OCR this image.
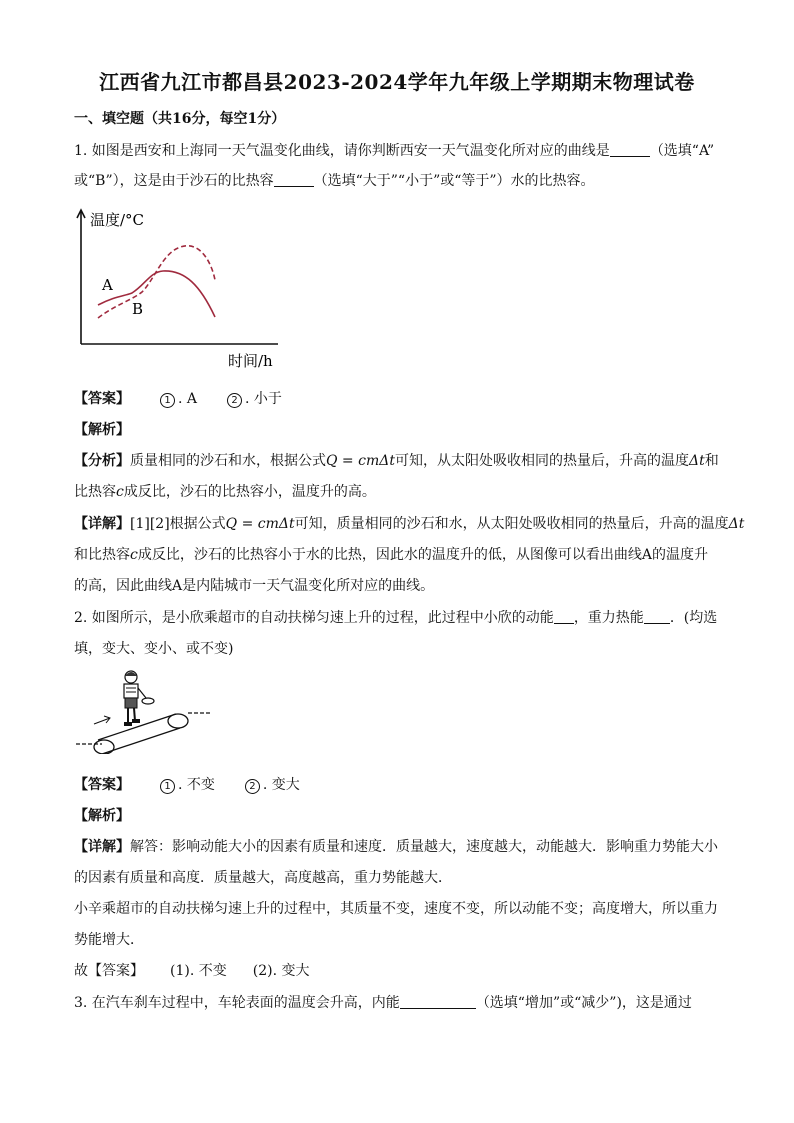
江西省九江市都昌县2023-2024学年九年级上学期期末物理试卷
一、填空题（共16分，每空1分）
1. 如图是西安和上海同一天气温变化曲线，请你判断西安一天气温变化所对应的曲线是	（选填“A”
或“B”），这是由于沙石的比热容	（选填“大于”“小于”或“等于”）水的比热容。
温度/°C
时间/h
A
B
【答案】	1 . A	2 . 小于
【解析】
【分析】质量相同的沙石和水，根据公式Q = cmΔt可知，从太阳处吸收相同的热量后，升高的温度Δt和
比热容c成反比，沙石的比热容小，温度升的高。
【详解】[1][2]根据公式Q = cmΔt可知，质量相同的沙石和水，从太阳处吸收相同的热量后，升高的温度Δt
和比热容c成反比，沙石的比热容小于水的比热，因此水的温度升的低，从图像可以看出曲线A的温度升
的高，因此曲线A是内陆城市一天气温变化所对应的曲线。
2. 如图所示，是小欣乘超市的自动扶梯匀速上升的过程，此过程中小欣的动能 ，重力热能 ．(均选
填，变大、变小、或不变)
【答案】	1 . 不变	2 . 变大
【解析】
【详解】解答：影响动能大小的因素有质量和速度．质量越大，速度越大，动能越大．影响重力势能大小
的因素有质量和高度．质量越大，高度越高，重力势能越大．
小辛乘超市的自动扶梯匀速上升的过程中，其质量不变，速度不变，所以动能不变；高度增大，所以重力
势能增大．
故【答案】 (1). 不变 (2). 变大
3. 在汽车刹车过程中，车轮表面的温度会升高，内能	（选填“增加”或“减少”)，这是通过
